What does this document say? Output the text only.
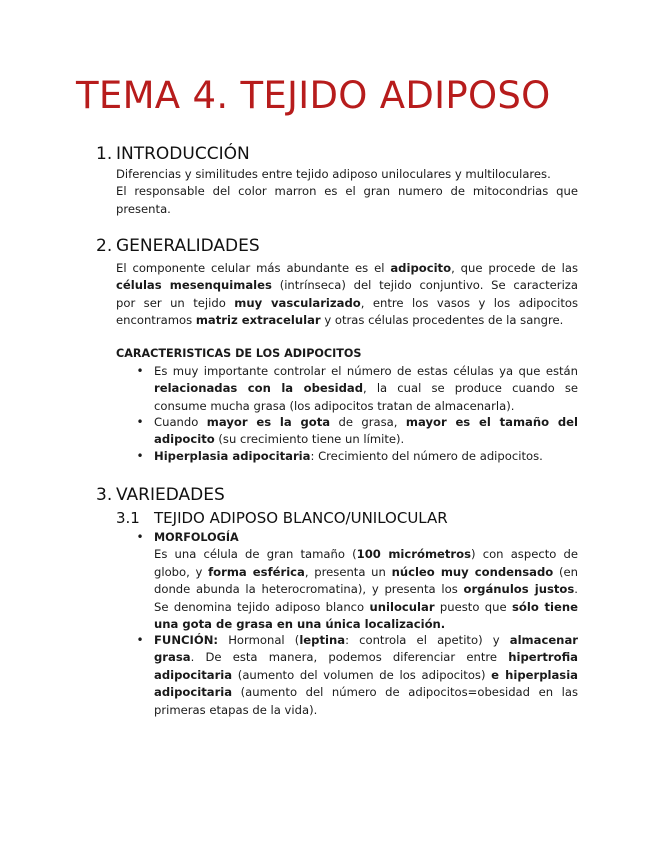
TEMA 4. TEJIDO ADIPOSO
1. INTRODUCCIÓN
Diferencias y similitudes entre tejido adiposo uniloculares y multiloculares.
El responsable del color marron es el gran numero de mitocondrias que
presenta.
2. GENERALIDADES
El componente celular más abundante es el adipocito, que procede de las
células mesenquimales (intrínseca) del tejido conjuntivo. Se caracteriza
por ser un tejido muy vascularizado, entre los vasos y los adipocitos
encontramos matriz extracelular y otras células procedentes de la sangre.
CARACTERISTICAS DE LOS ADIPOCITOS
• Es muy importante controlar el número de estas células ya que están
relacionadas con la obesidad, la cual se produce cuando se
consume mucha grasa (los adipocitos tratan de almacenarla).
• Cuando mayor es la gota de grasa, mayor es el tamaño del
adipocito (su crecimiento tiene un límite).
• Hiperplasia adipocitaria: Crecimiento del número de adipocitos.
3. VARIEDADES
3.1 TEJIDO ADIPOSO BLANCO/UNILOCULAR
• MORFOLOGÍA
Es una célula de gran tamaño (100 micrómetros) con aspecto de
globo, y forma esférica, presenta un núcleo muy condensado (en
donde abunda la heterocromatina), y presenta los orgánulos justos.
Se denomina tejido adiposo blanco unilocular puesto que sólo tiene
una gota de grasa en una única localización.
• FUNCIÓN: Hormonal (leptina: controla el apetito) y almacenar
grasa. De esta manera, podemos diferenciar entre hipertrofia
adipocitaria (aumento del volumen de los adipocitos) e hiperplasia
adipocitaria (aumento del número de adipocitos=obesidad en las
primeras etapas de la vida).
